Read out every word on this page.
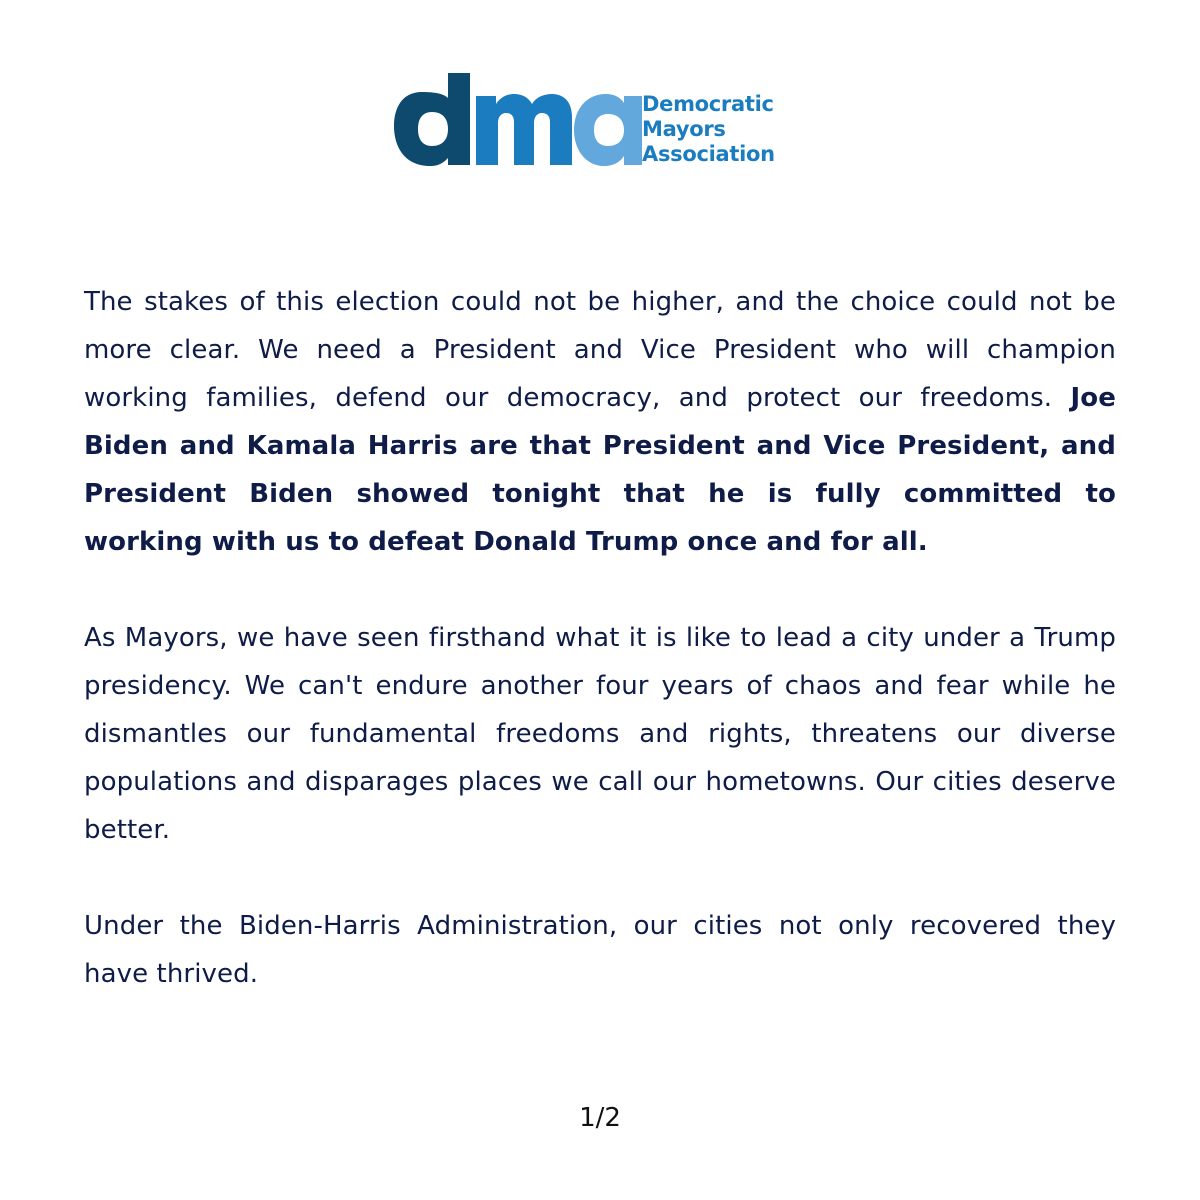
Democratic
Mayors
Association

The stakes of this election could not be higher, and the choice could not be more clear. We need a President and Vice President who will champion working families, defend our democracy, and protect our freedoms. Joe Biden and Kamala Harris are that President and Vice President, and President Biden showed tonight that he is fully committed to working with us to defeat Donald Trump once and for all.

As Mayors, we have seen firsthand what it is like to lead a city under a Trump presidency. We can't endure another four years of chaos and fear while he dismantles our fundamental freedoms and rights, threatens our diverse populations and disparages places we call our hometowns. Our cities deserve better.

Under the Biden-Harris Administration, our cities not only recovered they have thrived.

1/2
